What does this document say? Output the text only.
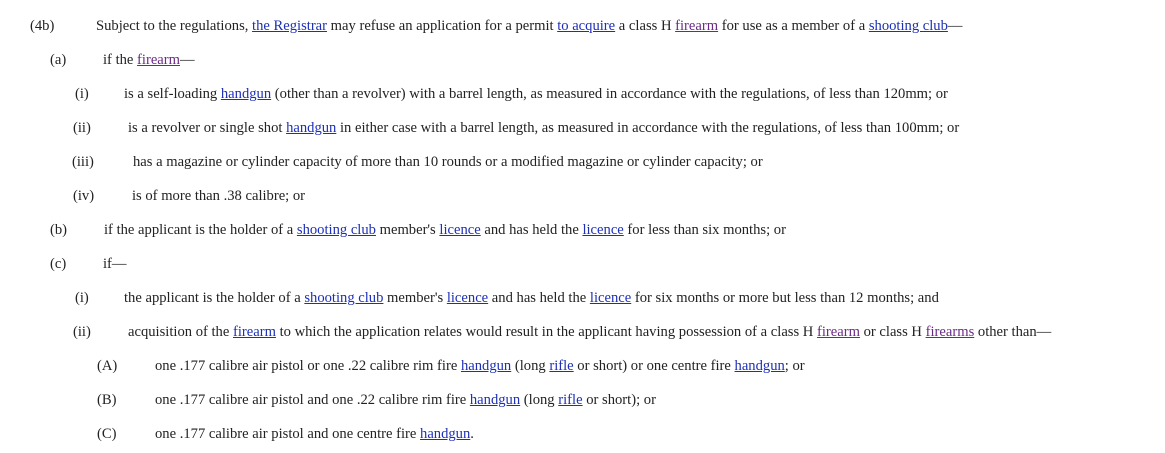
(4b)	Subject to the regulations, the Registrar may refuse an application for a permit to acquire a class H firearm for use as a member of a shooting club—
(a)	if the firearm—
(i) is a self-loading handgun (other than a revolver) with a barrel length, as measured in accordance with the regulations, of less than 120mm; or
(ii)	is a revolver or single shot handgun in either case with a barrel length, as measured in accordance with the regulations, of less than 100mm; or
(iii)	has a magazine or cylinder capacity of more than 10 rounds or a modified magazine or cylinder capacity; or
(iv)	is of more than .38 calibre; or
(b)	if the applicant is the holder of a shooting club member's licence and has held the licence for less than six months; or
(c)	if—
(i) the applicant is the holder of a shooting club member's licence and has held the licence for six months or more but less than 12 months; and
(ii)	acquisition of the firearm to which the application relates would result in the applicant having possession of a class H firearm or class H firearms other than—
(A)	one .177 calibre air pistol or one .22 calibre rim fire handgun (long rifle or short) or one centre fire handgun; or
(B)	one .177 calibre air pistol and one .22 calibre rim fire handgun (long rifle or short); or
(C)	one .177 calibre air pistol and one centre fire handgun.
